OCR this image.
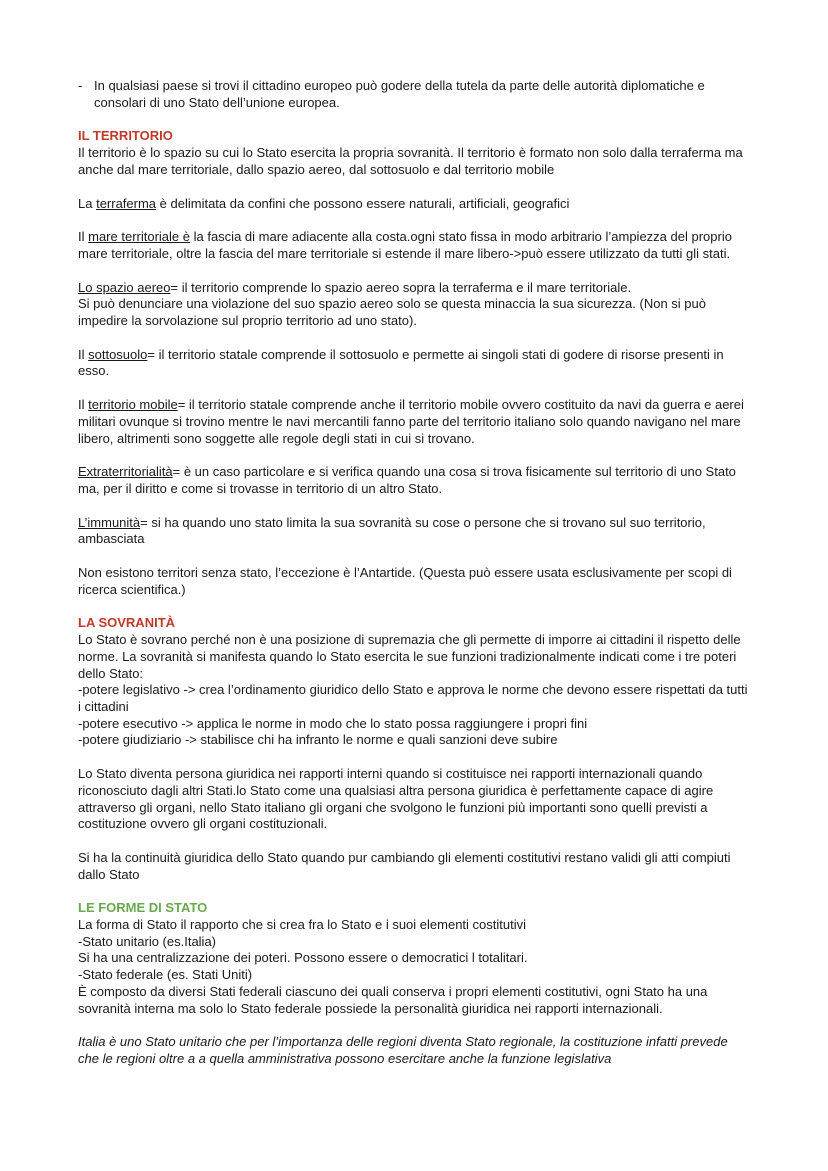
- In qualsiasi paese si trovi il cittadino europeo può godere della tutela da parte delle autorità diplomatiche e consolari di uno Stato dell’unione europea.

IL TERRITORIO

Il territorio è lo spazio su cui lo Stato esercita la propria sovranità. Il territorio è formato non solo dalla terraferma ma anche dal mare territoriale, dallo spazio aereo, dal sottosuolo e dal territorio mobile

La terraferma è delimitata da confini che possono essere naturali, artificiali, geografici

Il mare territoriale è la fascia di mare adiacente alla costa.ogni stato fissa in modo arbitrario l’ampiezza del proprio mare territoriale, oltre la fascia del mare territoriale si estende il mare libero->può essere utilizzato da tutti gli stati.

Lo spazio aereo= il territorio comprende lo spazio aereo sopra la terraferma e il mare territoriale.

Si può denunciare una violazione del suo spazio aereo solo se questa minaccia la sua sicurezza. (Non si può impedire la sorvolazione sul proprio territorio ad uno stato).

Il sottosuolo= il territorio statale comprende il sottosuolo e permette ai singoli stati di godere di risorse presenti in esso.

Il territorio mobile= il territorio statale comprende anche il territorio mobile ovvero costituito da navi da guerra e aerei militari ovunque si trovino mentre le navi mercantili fanno parte del territorio italiano solo quando navigano nel mare libero, altrimenti sono soggette alle regole degli stati in cui si trovano.

Extraterritorialità= è un caso particolare e si verifica quando una cosa si trova fisicamente sul territorio di uno Stato ma, per il diritto e come si trovasse in territorio di un altro Stato.

L’immunità= si ha quando uno stato limita la sua sovranità su cose o persone che si trovano sul suo territorio, ambasciata

Non esistono territori senza stato, l’eccezione è l’Antartide. (Questa può essere usata esclusivamente per scopi di ricerca scientifica.)

LA SOVRANITÀ

Lo Stato è sovrano perché non è una posizione di supremazia che gli permette di imporre ai cittadini il rispetto delle norme. La sovranità si manifesta quando lo Stato esercita le sue funzioni tradizionalmente indicati come i tre poteri dello Stato:

-potere legislativo -> crea l’ordinamento giuridico dello Stato e approva le norme che devono essere rispettati da tutti i cittadini

-potere esecutivo -> applica le norme in modo che lo stato possa raggiungere i propri fini

-potere giudiziario -> stabilisce chi ha infranto le norme e quali sanzioni deve subire

Lo Stato diventa persona giuridica nei rapporti interni quando si costituisce nei rapporti internazionali quando riconosciuto dagli altri Stati.lo Stato come una qualsiasi altra persona giuridica è perfettamente capace di agire attraverso gli organi, nello Stato italiano gli organi che svolgono le funzioni più importanti sono quelli previsti a costituzione ovvero gli organi costituzionali.

Si ha la continuità giuridica dello Stato quando pur cambiando gli elementi costitutivi restano validi gli atti compiuti dallo Stato

LE FORME DI STATO

La forma di Stato il rapporto che si crea fra lo Stato e i suoi elementi costitutivi

-Stato unitario (es.Italia)

Si ha una centralizzazione dei poteri. Possono essere o democratici l totalitari.

-Stato federale (es. Stati Uniti)

È composto da diversi Stati federali ciascuno dei quali conserva i propri elementi costitutivi, ogni Stato ha una sovranità interna ma solo lo Stato federale possiede la personalità giuridica nei rapporti internazionali.

Italia è uno Stato unitario che per l’importanza delle regioni diventa Stato regionale, la costituzione infatti prevede che le regioni oltre a a quella amministrativa possono esercitare anche la funzione legislativa
